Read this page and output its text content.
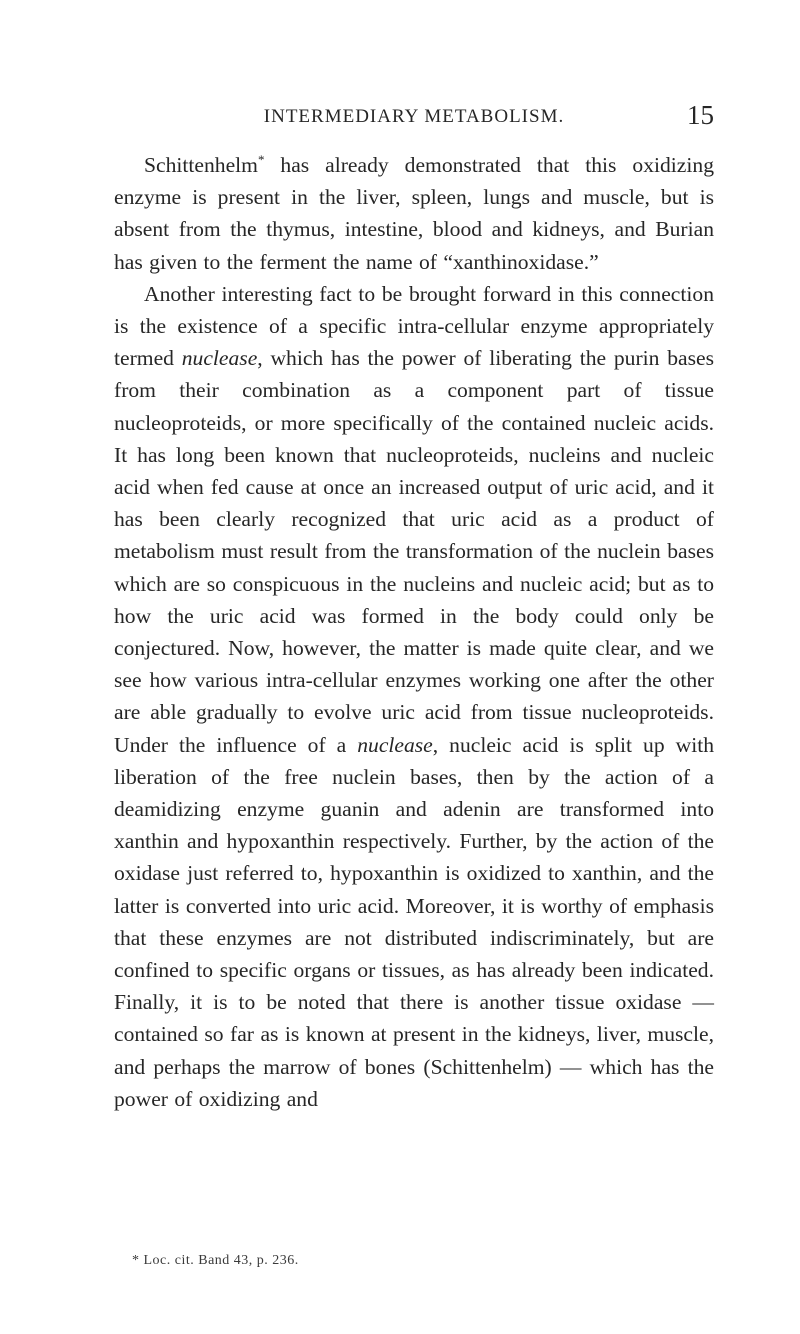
INTERMEDIARY METABOLISM.	15

Schittenhelm* has already demonstrated that this oxidizing enzyme is present in the liver, spleen, lungs and muscle, but is absent from the thymus, intestine, blood and kidneys, and Burian has given to the ferment the name of “xanthinoxidase.”

Another interesting fact to be brought forward in this connection is the existence of a specific intra-cellular enzyme appropriately termed nuclease, which has the power of liberating the purin bases from their combination as a component part of tissue nucleoproteids, or more specifically of the contained nucleic acids. It has long been known that nucleoproteids, nucleins and nucleic acid when fed cause at once an increased output of uric acid, and it has been clearly recognized that uric acid as a product of metabolism must result from the transformation of the nuclein bases which are so conspicuous in the nucleins and nucleic acid; but as to how the uric acid was formed in the body could only be conjectured. Now, however, the matter is made quite clear, and we see how various intra-cellular enzymes working one after the other are able gradually to evolve uric acid from tissue nucleoproteids. Under the influence of a nuclease, nucleic acid is split up with liberation of the free nuclein bases, then by the action of a deamidizing enzyme guanin and adenin are transformed into xanthin and hypoxanthin respectively. Further, by the action of the oxidase just referred to, hypoxanthin is oxidized to xanthin, and the latter is converted into uric acid. Moreover, it is worthy of emphasis that these enzymes are not distributed indiscriminately, but are confined to specific organs or tissues, as has already been indicated. Finally, it is to be noted that there is another tissue oxidase — contained so far as is known at present in the kidneys, liver, muscle, and perhaps the marrow of bones (Schittenhelm) — which has the power of oxidizing and

* Loc. cit. Band 43, p. 236.
